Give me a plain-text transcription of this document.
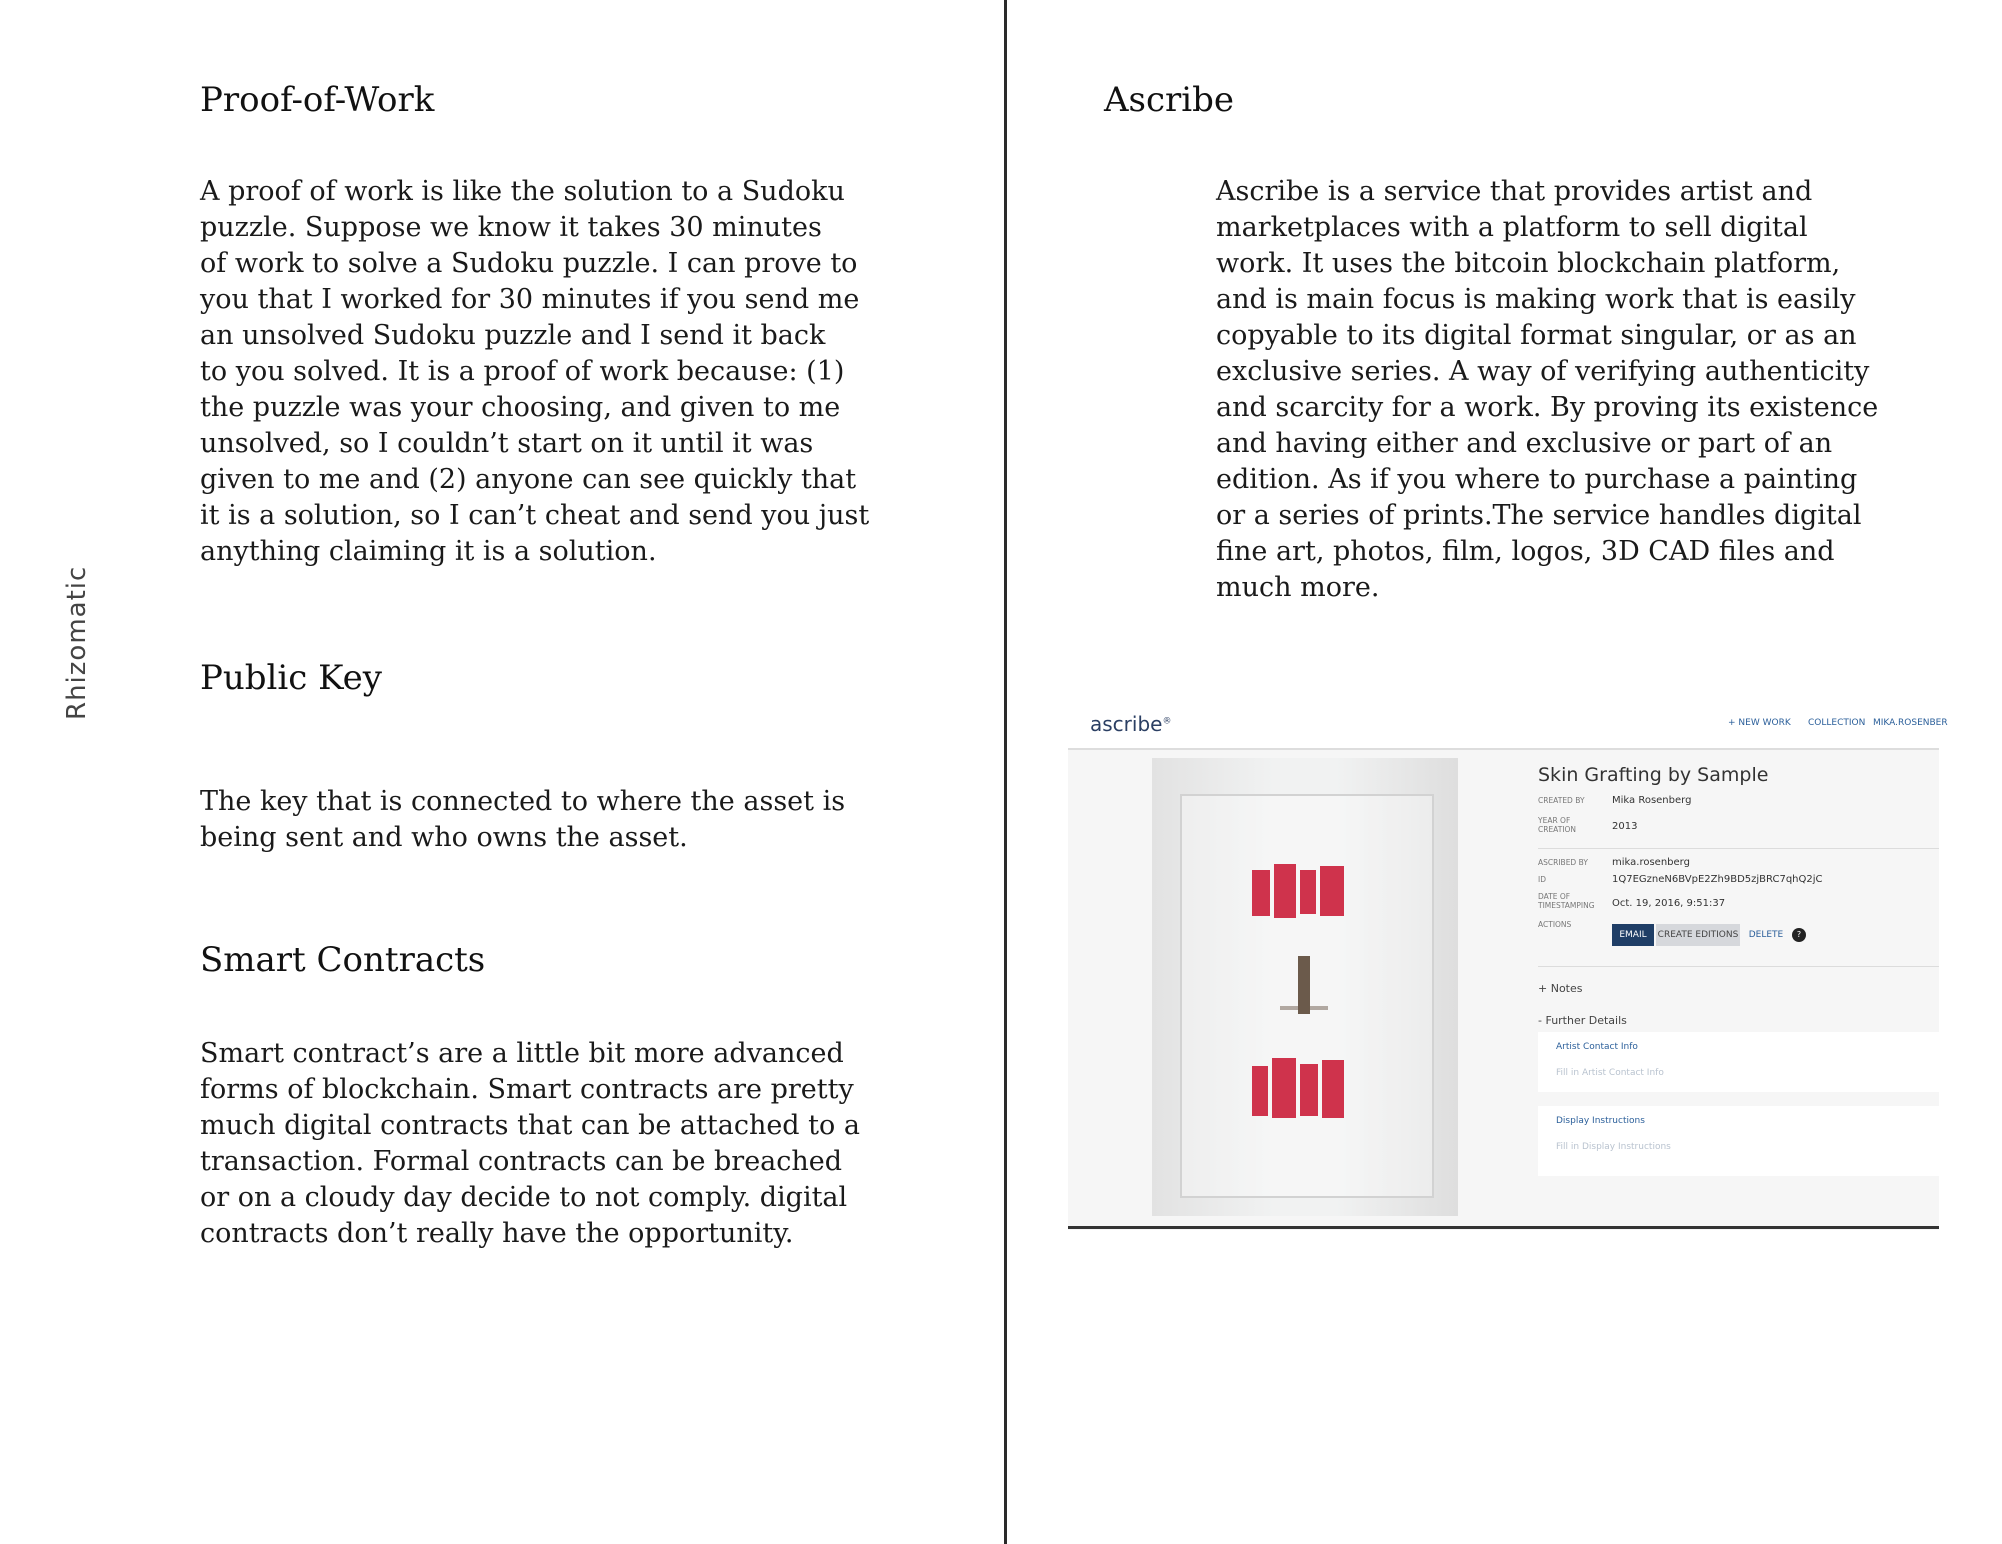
Rhizomatic
Proof-of-Work
A proof of work is like the solution to a Sudoku
puzzle. Suppose we know it takes 30 minutes
of work to solve a Sudoku puzzle. I can prove to
you that I worked for 30 minutes if you send me
an unsolved Sudoku puzzle and I send it back
to you solved. It is a proof of work because: (1)
the puzzle was your choosing, and given to me
unsolved, so I couldn’t start on it until it was
given to me and (2) anyone can see quickly that
it is a solution, so I can’t cheat and send you just
anything claiming it is a solution.
Public Key
The key that is connected to where the asset is
being sent and who owns the asset.
Smart Contracts
Smart contract’s are a little bit more advanced
forms of blockchain. Smart contracts are pretty
much digital contracts that can be attached to a
transaction. Formal contracts can be breached
or on a cloudy day decide to not comply. digital
contracts don’t really have the opportunity.
Ascribe
Ascribe is a service that provides artist and
marketplaces with a platform to sell digital
work. It uses the bitcoin blockchain platform,
and is main focus is making work that is easily
copyable to its digital format singular, or as an
exclusive series. A way of verifying authenticity
and scarcity for a work. By proving its existence
and having either and exclusive or part of an
edition. As if you where to purchase a painting
or a series of prints.The service handles digital
fine art, photos, film, logos, 3D CAD files and
much more.
ascribe®	+ NEW WORK COLLECTION MIKA.ROSENBER
Skin Grafting by Sample
CREATED BY	Mika Rosenberg
YEAR OF CREATION	2013
ASCRIBED BY	mika.rosenberg
ID	1Q7EGzneN6BVpE2Zh9BD5zjBRC7qhQ2jC
DATE OF TIMESTAMPING	Oct. 19, 2016, 9:51:37
ACTIONS
EMAIL	CREATE EDITIONS	DELETE	?
+ Notes
- Further Details
Artist Contact Info
Fill in Artist Contact Info
Display Instructions
Fill in Display Instructions
